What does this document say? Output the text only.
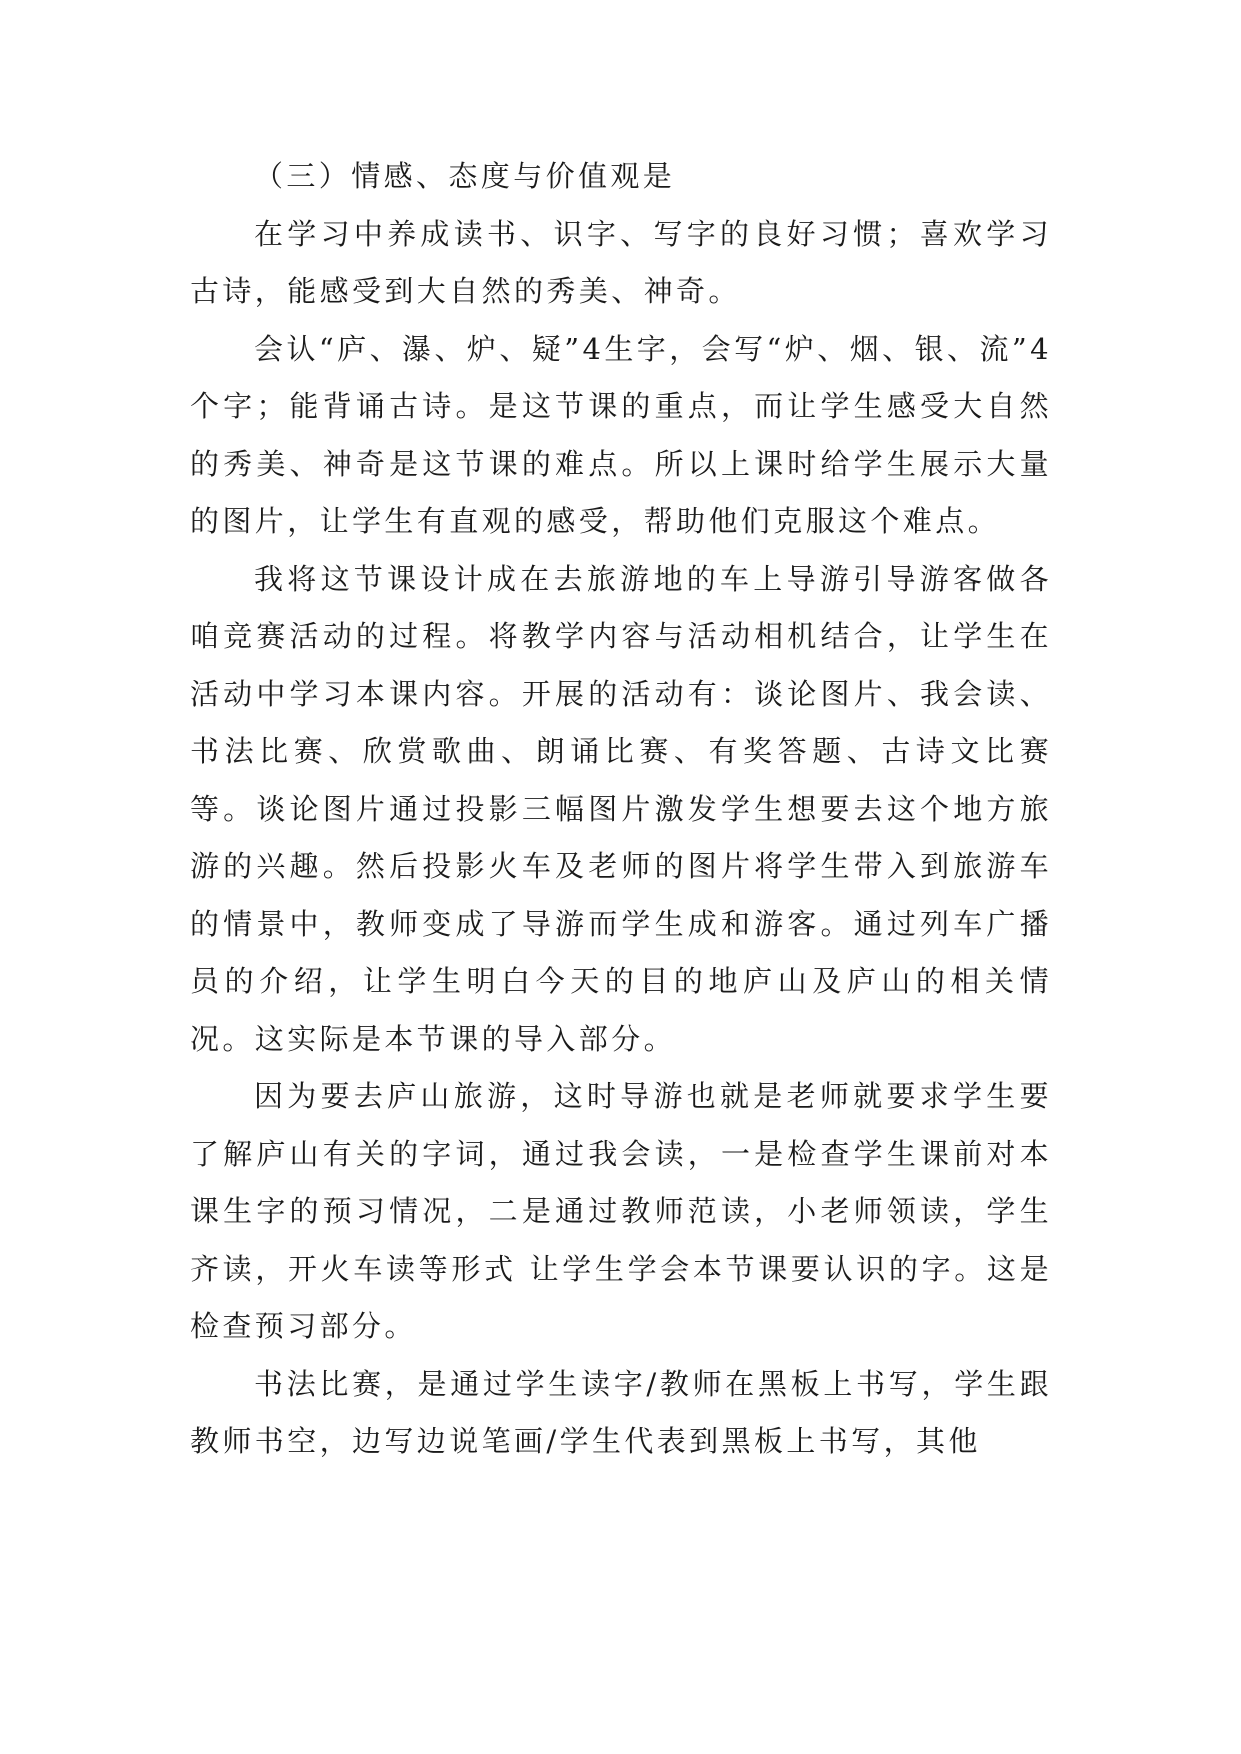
（三）情感、态度与价值观是

在学习中养成读书、识字、写字的良好习惯；喜欢学习古诗，能感受到大自然的秀美、神奇。

会认“庐、瀑、炉、疑”4生字，会写“炉、烟、银、流”4个字；能背诵古诗。是这节课的重点，而让学生感受大自然的秀美、神奇是这节课的难点。所以上课时给学生展示大量的图片，让学生有直观的感受，帮助他们克服这个难点。

我将这节课设计成在去旅游地的车上导游引导游客做各咱竞赛活动的过程。将教学内容与活动相机结合，让学生在活动中学习本课内容。开展的活动有：谈论图片、我会读、书法比赛、欣赏歌曲、朗诵比赛、有奖答题、古诗文比赛等。谈论图片通过投影三幅图片激发学生想要去这个地方旅游的兴趣。然后投影火车及老师的图片将学生带入到旅游车的情景中，教师变成了导游而学生成和游客。通过列车广播员的介绍，让学生明白今天的目的地庐山及庐山的相关情况。这实际是本节课的导入部分。

因为要去庐山旅游，这时导游也就是老师就要求学生要了解庐山有关的字词，通过我会读，一是检查学生课前对本课生字的预习情况，二是通过教师范读，小老师领读，学生齐读，开火车读等形式 让学生学会本节课要认识的字。这是检查预习部分。

书法比赛，是通过学生读字/教师在黑板上书写，学生跟教师书空，边写边说笔画/学生代表到黑板上书写，其他
